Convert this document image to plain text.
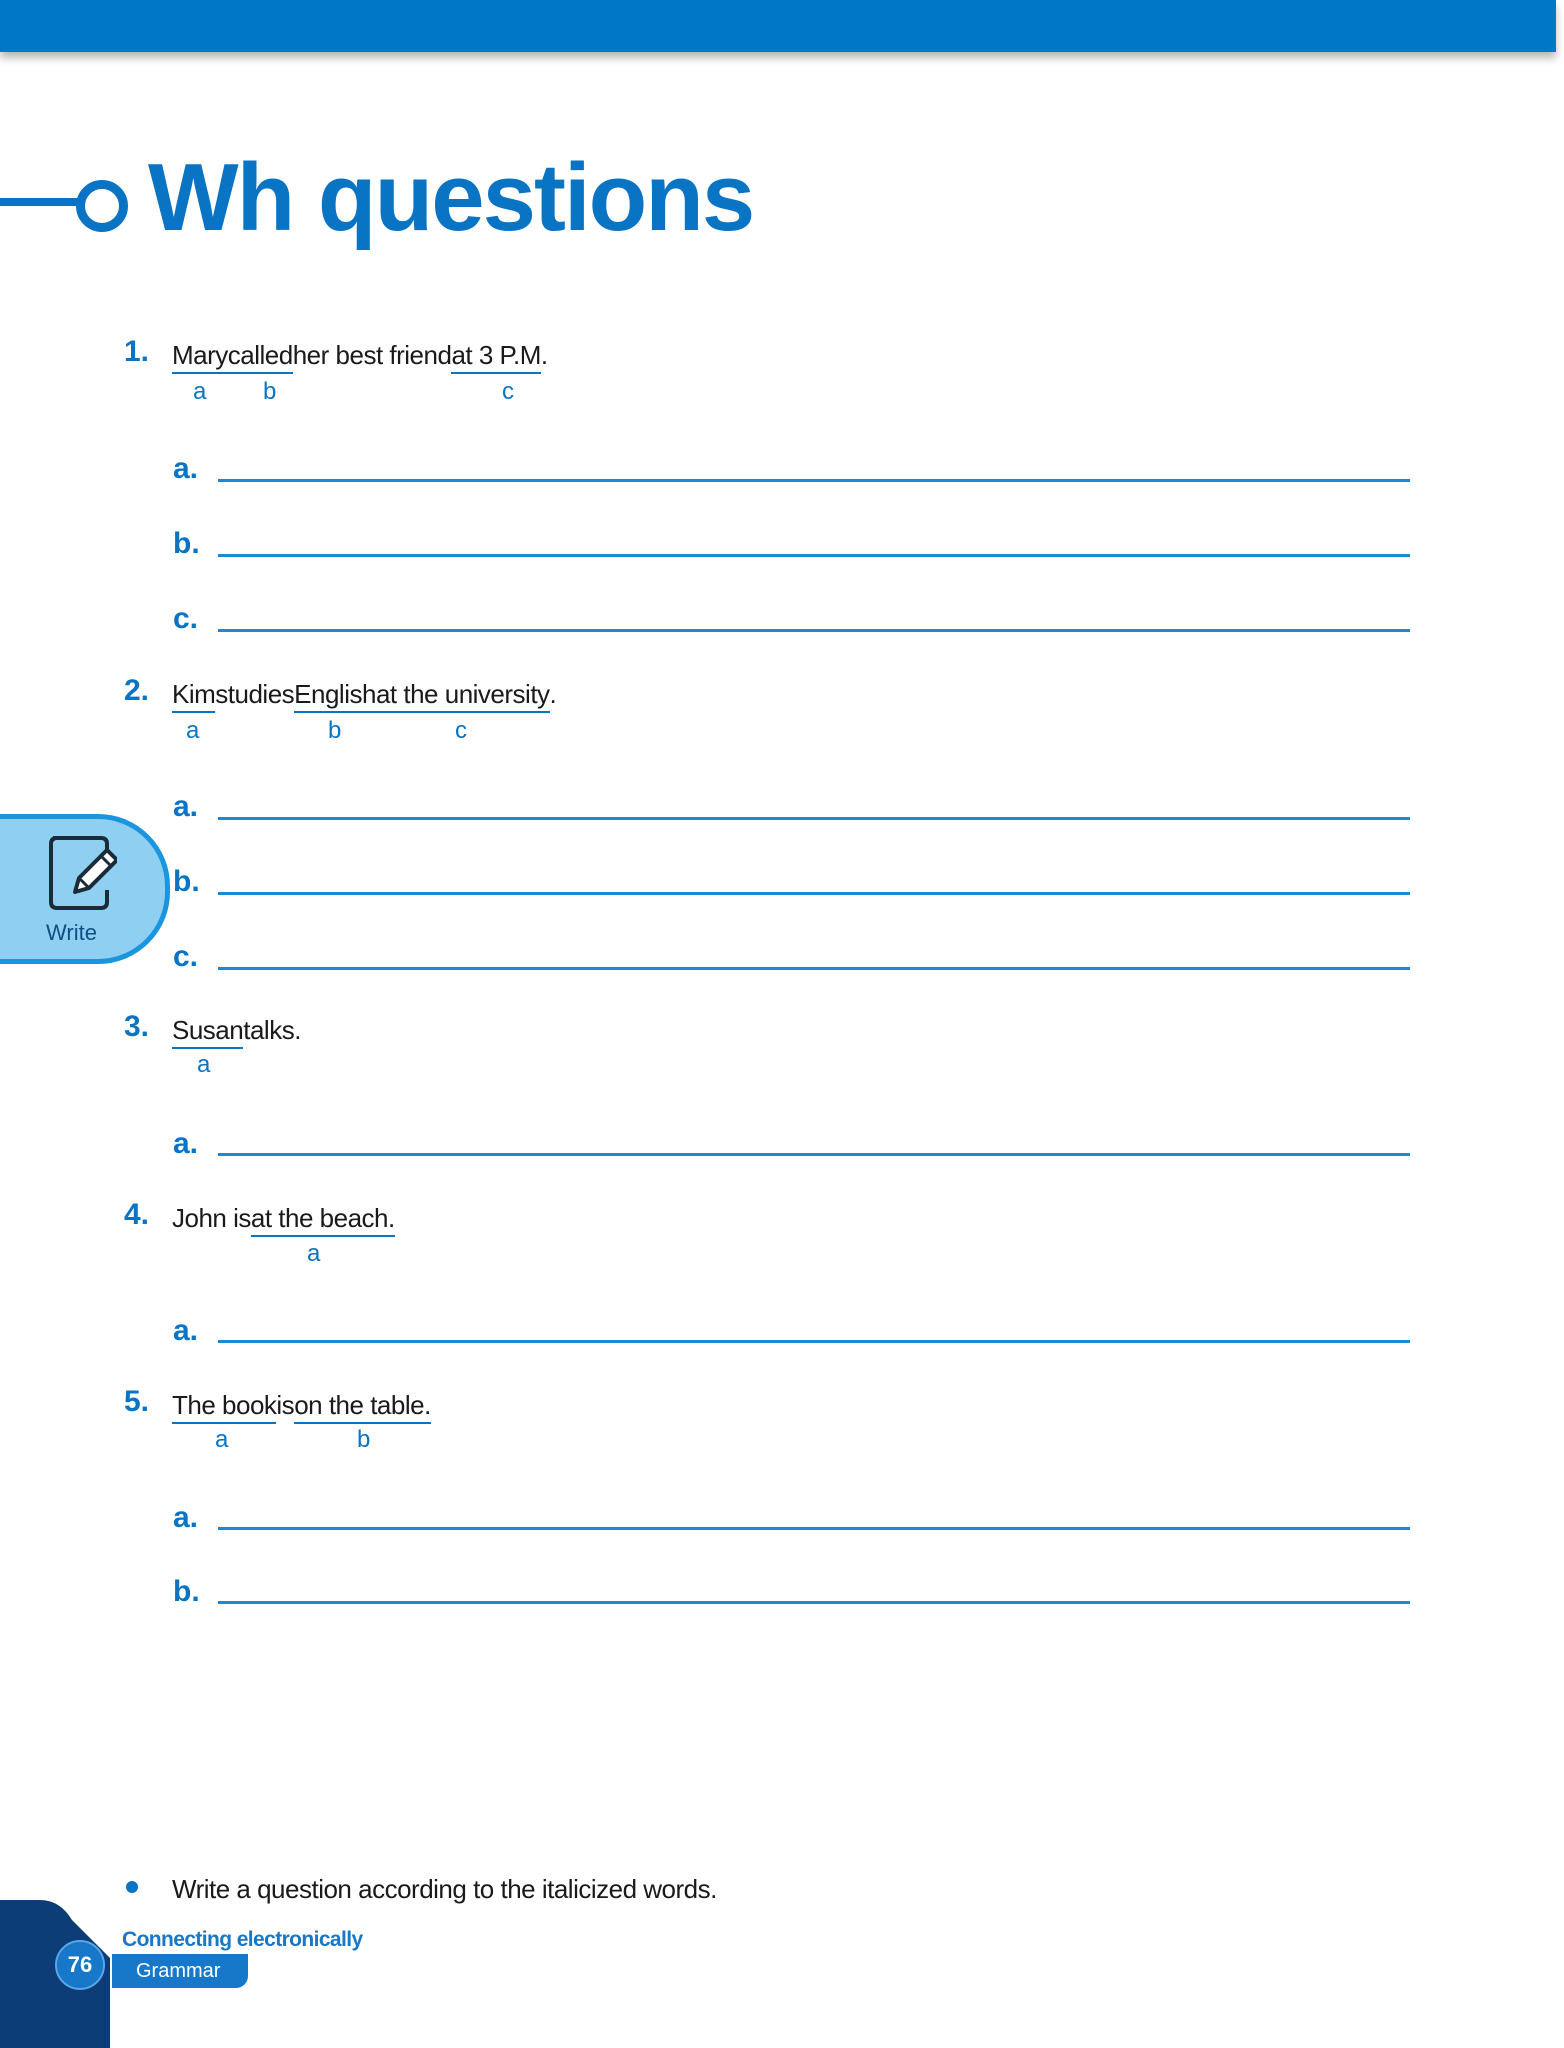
Wh questions
1. Marycalledher best friendat 3 P.M.
a b	c
a.
b.
c.
2. KimstudiesEnglishat the university.
a	b	c
a.
b.
c.
3. Susantalks.
a
a.
4. John isat the beach.
a
a.
5. The bookison the table.
a	b
a.
b.
Write
Write a question according to the italicized words.
76
Connecting electronically
Grammar
